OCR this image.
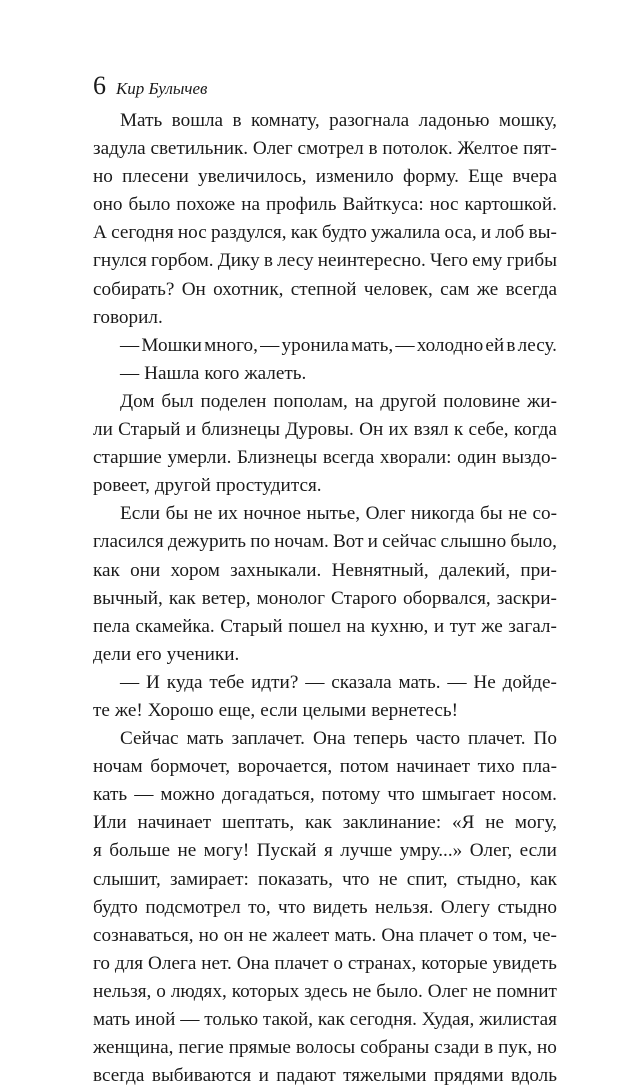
6 Кир Булычев
Мать вошла в комнату, разогнала ладонью мошку,
задула светильник. Олег смотрел в потолок. Желтое пят-
но плесени увеличилось, изменило форму. Еще вчера
оно было похоже на профиль Вайткуса: нос картошкой.
А сегодня нос раздулся, как будто ужалила оса, и лоб вы-
гнулся горбом. Дику в лесу неинтересно. Чего ему грибы
собирать? Он охотник, степной человек, сам же всегда
говорил.
— Мошки много, — уронила мать, — холодно ей в лесу.
— Нашла кого жалеть.
Дом был поделен пополам, на другой половине жи-
ли Старый и близнецы Дуровы. Он их взял к себе, когда
старшие умерли. Близнецы всегда хворали: один выздо-
ровеет, другой простудится.
Если бы не их ночное нытье, Олег никогда бы не со-
гласился дежурить по ночам. Вот и сейчас слышно было,
как они хором захныкали. Невнятный, далекий, при-
вычный, как ветер, монолог Старого оборвался, заскри-
пела скамейка. Старый пошел на кухню, и тут же загал-
дели его ученики.
— И куда тебе идти? — сказала мать. — Не дойде-
те же! Хорошо еще, если целыми вернетесь!
Сейчас мать заплачет. Она теперь часто плачет. По
ночам бормочет, ворочается, потом начинает тихо пла-
кать — можно догадаться, потому что шмыгает носом.
Или начинает шептать, как заклинание: «Я не могу,
я больше не могу! Пускай я лучше умру...» Олег, если
слышит, замирает: показать, что не спит, стыдно, как
будто подсмотрел то, что видеть нельзя. Олегу стыдно
сознаваться, но он не жалеет мать. Она плачет о том, че-
го для Олега нет. Она плачет о странах, которые увидеть
нельзя, о людях, которых здесь не было. Олег не помнит
мать иной — только такой, как сегодня. Худая, жилистая
женщина, пегие прямые волосы собраны сзади в пук, но
всегда выбиваются и падают тяжелыми прядями вдоль
